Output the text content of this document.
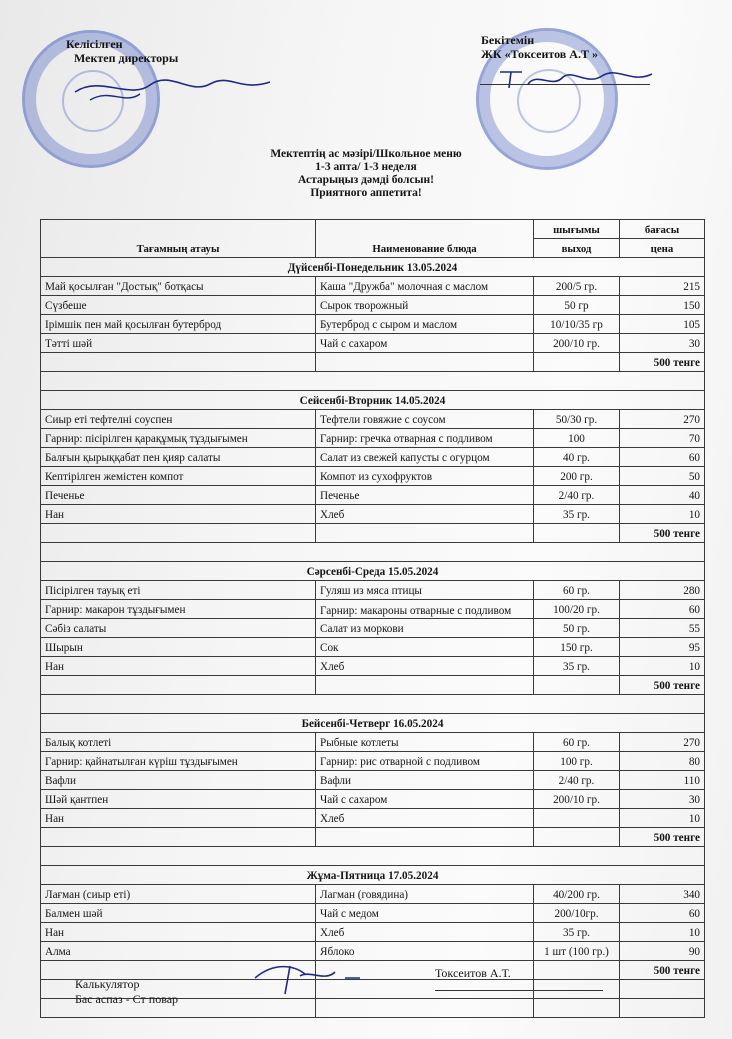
Келісілген
Мектеп директоры
Бекітемін
ЖК «Токсеитов А.Т »
Мектептің ас мәзірі/Школьное меню
1-3 апта/ 1-3 неделя
Астарыңыз дәмді болсын!
Приятного аппетита!
Тағамның атауы	Наименование блюда	шығымы	бағасы
		выход	цена
Дүйсенбі-Понедельник 13.05.2024			
Май қосылған "Достық" ботқасы	Каша "Дружба" молочная с маслом	200/5 гр.	215
Сүзбеше	Сырок творожный	50 гр	150
Ірімшік пен май қосылған бутерброд	Бутерброд с сыром и маслом	10/10/35 гр	105
Тәтті шәй	Чай с сахаром	200/10 гр.	30
			500 тенге

Сейсенбі-Вторник 14.05.2024			
Сиыр еті тефтелні соуспен	Тефтели говяжие с соусом	50/30 гр.	270
Гарнир: пісірілген қарақұмық тұздығымен	Гарнир: гречка отварная с подливом	100	70
Балғын қырыққабат пен қияр салаты	Салат из свежей капусты с огурцом	40 гр.	60
Кептірілген жемістен компот	Компот из сухофруктов	200 гр.	50
Печенье	Печенье	2/40 гр.	40
Нан	Хлеб	35 гр.	10
			500 тенге

Сәрсенбі-Среда 15.05.2024			
Пісірілген тауық еті	Гуляш из мяса птицы	60 гр.	280
Гарнир: макарон тұздығымен	Гарнир: макароны отварные с подливом	100/20 гр.	60
Сәбіз салаты	Салат из моркови	50 гр.	55
Шырын	Сок	150 гр.	95
Нан	Хлеб	35 гр.	10
			500 тенге

Бейсенбі-Четверг 16.05.2024			
Балық котлеті	Рыбные котлеты	60 гр.	270
Гарнир: қайнатылған күріш тұздығымен	Гарнир: рис отварной с подливом	100 гр.	80
Вафли	Вафли	2/40 гр.	110
Шәй қантпен	Чай с сахаром	200/10 гр.	30
Нан	Хлеб		10
			500 тенге

Жұма-Пятница 17.05.2024			
Лағман (сиыр еті)	Лагман (говядина)	40/200 гр.	340
Балмен шәй	Чай с медом	200/10гр.	60
Нан	Хлеб	35 гр.	10
Алма	Яблоко	1 шт (100 гр.)	90
			500 тенге

Калькулятор
Бас аспаз - Ст повар
Токсеитов А.Т.
